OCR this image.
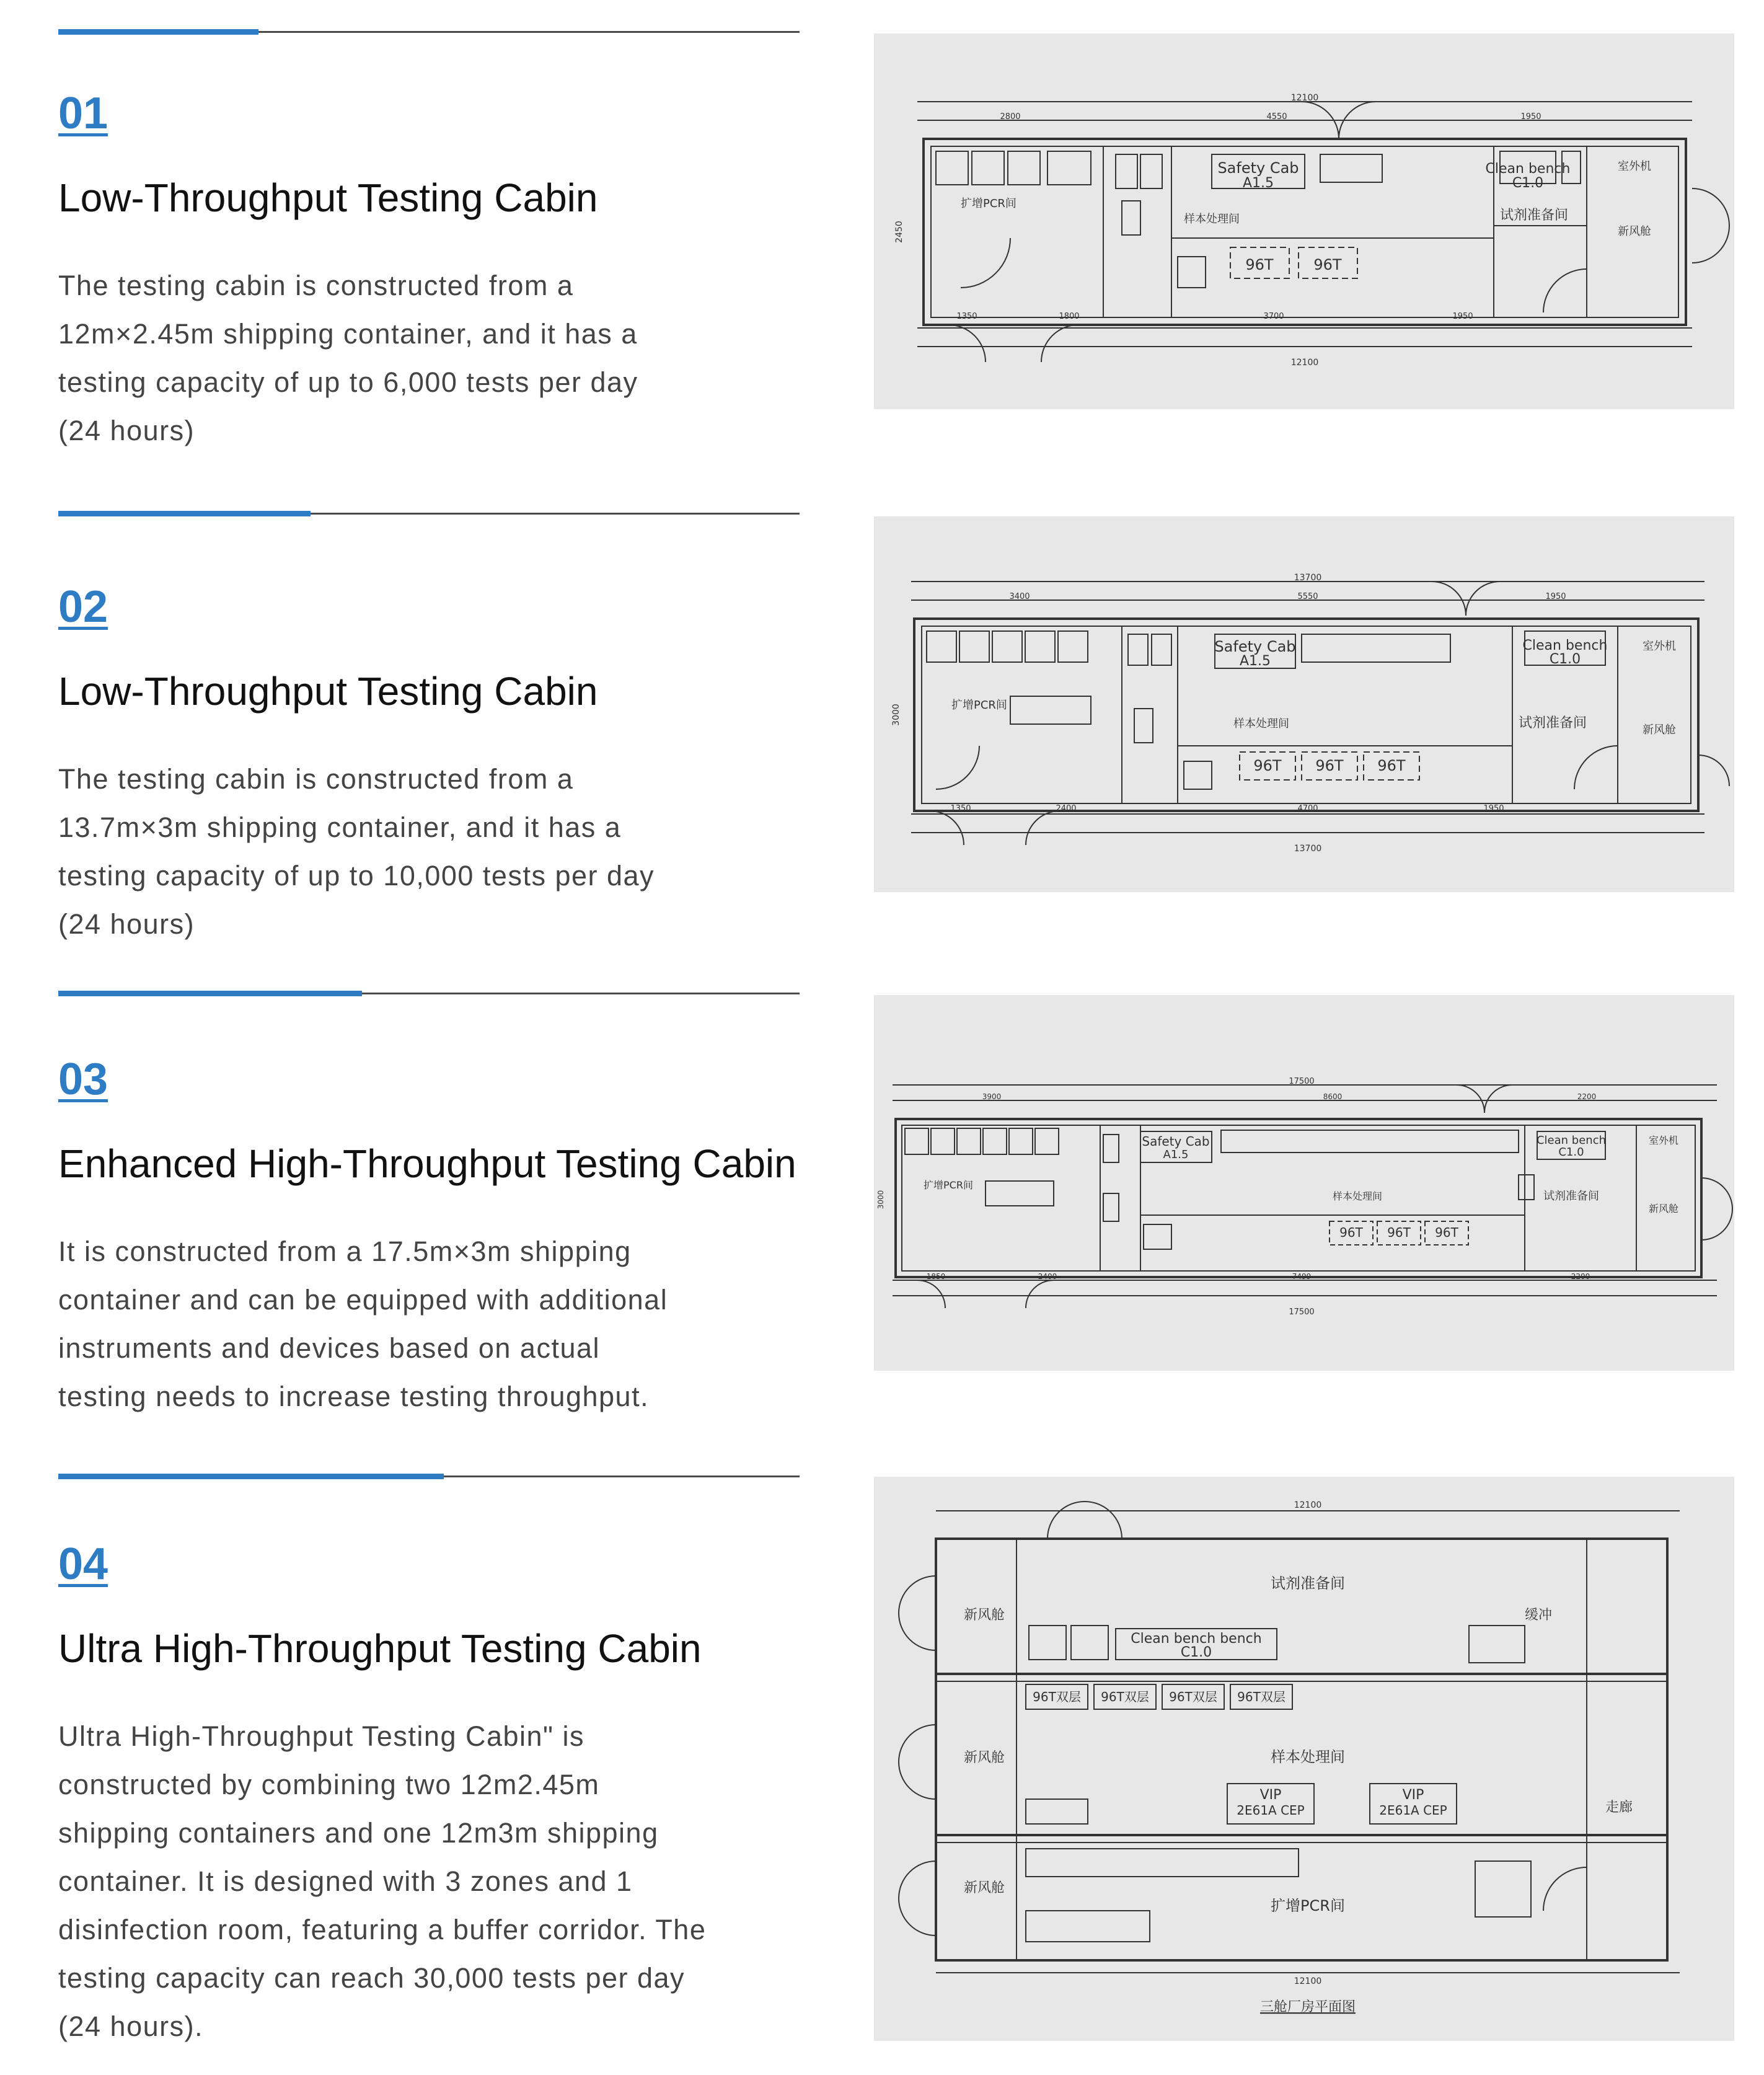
01
Low-Throughput Testing Cabin

The testing cabin is constructed from a
12m×2.45m shipping container, and it has a
testing capacity of up to 6,000 tests per day
(24 hours)

12100
12100
2800	4550	1950
1350	1800	3700	1950
2450
Safety Cab
A1.5
Clean bench
C1.0
96T	96T
扩增PCR间
样本处理间	试剂准备间
新风舱
室外机
02
Low-Throughput Testing Cabin

The testing cabin is constructed from a
13.7m×3m shipping container, and it has a
testing capacity of up to 10,000 tests per day
(24 hours)

13700
13700
3400	5550	1950
1350	2400	4700	1950
3000
Safety Cab
A1.5
Clean bench
C1.0
96T 96T 96T
扩增PCR间
样本处理间	试剂准备间	新风舱
室外机
03
Enhanced High-Throughput Testing Cabin

It is constructed from a 17.5m×3m shipping
container and can be equipped with additional
instruments and devices based on actual
testing needs to increase testing throughput.

17500
17500
3900	8600	2200
1850	2400	7499	2200
3000
Safety Cab
A1.5
Clean bench
C1.0
96T 96T 96T
扩增PCR间
样本处理间	试剂准备间
新风舱
室外机
04
Ultra High-Throughput Testing Cabin

Ultra High-Throughput Testing Cabin" is
constructed by combining two 12m2.45m
shipping containers and one 12m3m shipping
container. It is designed with 3 zones and 1
disinfection room, featuring a buffer corridor. The
testing capacity can reach 30,000 tests per day
(24 hours).

12100
12100
试剂准备间
样本处理间
扩增PCR间
新风舱
新风舱
新风舱
缓冲
走廊
Clean bench bench
C1.0
96T双层 96T双层 96T双层 96T双层
VIP
2E61A CEP
VIP
2E61A CEP
三舱厂房平面图
